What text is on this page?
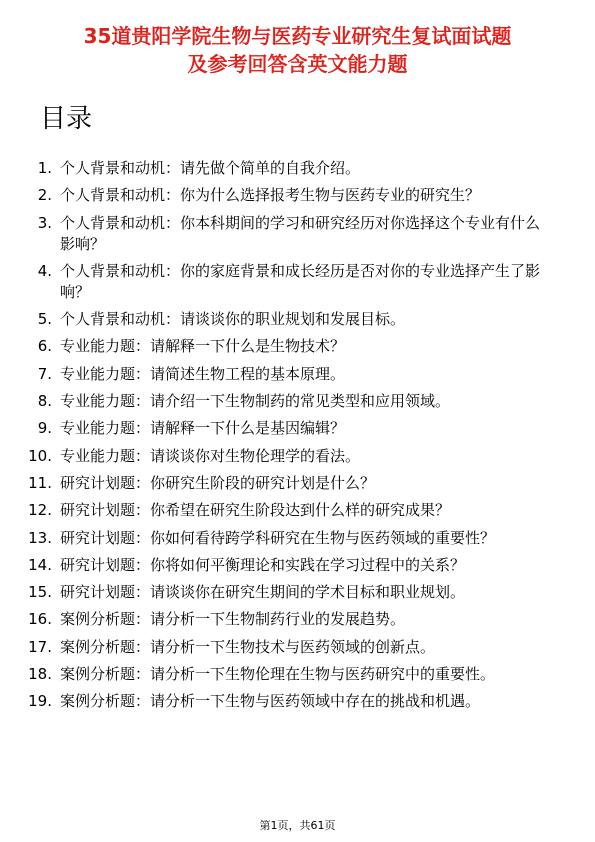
35道贵阳学院生物与医药专业研究生复试面试题
及参考回答含英文能力题
目录
1. 个人背景和动机：请先做个简单的自我介绍。
2. 个人背景和动机：你为什么选择报考生物与医药专业的研究生？
3. 个人背景和动机：你本科期间的学习和研究经历对你选择这个专业有什么影响？
4. 个人背景和动机：你的家庭背景和成长经历是否对你的专业选择产生了影响？
5. 个人背景和动机：请谈谈你的职业规划和发展目标。
6. 专业能力题：请解释一下什么是生物技术？
7. 专业能力题：请简述生物工程的基本原理。
8. 专业能力题：请介绍一下生物制药的常见类型和应用领域。
9. 专业能力题：请解释一下什么是基因编辑？
10. 专业能力题：请谈谈你对生物伦理学的看法。
11. 研究计划题：你研究生阶段的研究计划是什么？
12. 研究计划题：你希望在研究生阶段达到什么样的研究成果？
13. 研究计划题：你如何看待跨学科研究在生物与医药领域的重要性？
14. 研究计划题：你将如何平衡理论和实践在学习过程中的关系？
15. 研究计划题：请谈谈你在研究生期间的学术目标和职业规划。
16. 案例分析题：请分析一下生物制药行业的发展趋势。
17. 案例分析题：请分析一下生物技术与医药领域的创新点。
18. 案例分析题：请分析一下生物伦理在生物与医药研究中的重要性。
19. 案例分析题：请分析一下生物与医药领域中存在的挑战和机遇。
第1页，共61页
